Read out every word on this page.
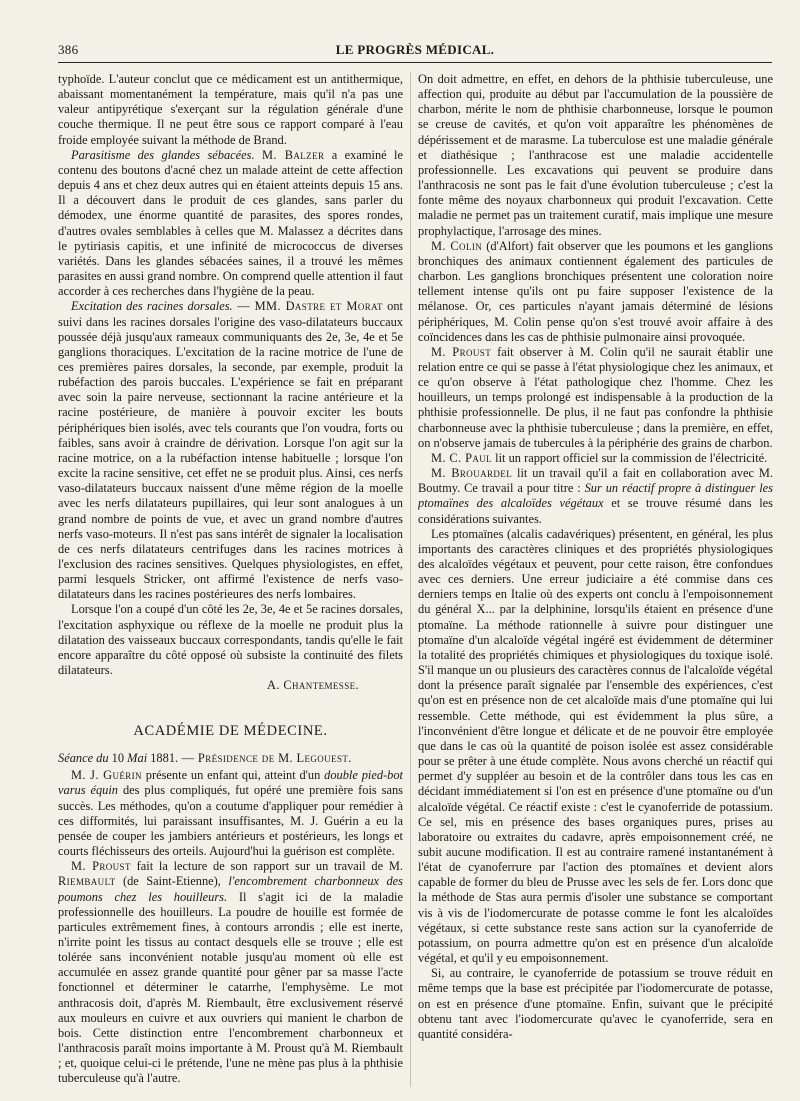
386	LE PROGRÈS MÉDICAL.

typhoïde. L'auteur conclut que ce médicament est un antithermique, abaissant momentanément la température, mais qu'il n'a pas une valeur antipyrétique s'exerçant sur la régulation générale d'une couche thermique. Il ne peut être sous ce rapport comparé à l'eau froide employée suivant la méthode de Brand.

Parasitisme des glandes sébacées. M. Balzer a examiné le contenu des boutons d'acné chez un malade atteint de cette affection depuis 4 ans et chez deux autres qui en étaient atteints depuis 15 ans. Il a découvert dans le produit de ces glandes, sans parler du démodex, une énorme quantité de parasites, des spores rondes, d'autres ovales semblables à celles que M. Malassez a décrites dans le pytiriasis capitis, et une infinité de micrococcus de diverses variétés. Dans les glandes sébacées saines, il a trouvé les mêmes parasites en aussi grand nombre. On comprend quelle attention il faut accorder à ces recherches dans l'hygiène de la peau.

Excitation des racines dorsales. — MM. Dastre et Morat ont suivi dans les racines dorsales l'origine des vaso-dilatateurs buccaux poussée déjà jusqu'aux rameaux communiquants des 2e, 3e, 4e et 5e ganglions thoraciques. L'excitation de la racine motrice de l'une de ces premières paires dorsales, la seconde, par exemple, produit la rubéfaction des parois buccales. L'expérience se fait en préparant avec soin la paire nerveuse, sectionnant la racine antérieure et la racine postérieure, de manière à pouvoir exciter les bouts périphériques bien isolés, avec tels courants que l'on voudra, forts ou faibles, sans avoir à craindre de dérivation. Lorsque l'on agit sur la racine motrice, on a la rubéfaction intense habituelle ; lorsque l'on excite la racine sensitive, cet effet ne se produit plus. Ainsi, ces nerfs vaso-dilatateurs buccaux naissent d'une même région de la moelle avec les nerfs dilatateurs pupillaires, qui leur sont analogues à un grand nombre de points de vue, et avec un grand nombre d'autres nerfs vaso-moteurs. Il n'est pas sans intérêt de signaler la localisation de ces nerfs dilatateurs centrifuges dans les racines motrices à l'exclusion des racines sensitives. Quelques physiologistes, en effet, parmi lesquels Stricker, ont affirmé l'existence de nerfs vaso-dilatateurs dans les racines postérieures des nerfs lombaires.

Lorsque l'on a coupé d'un côté les 2e, 3e, 4e et 5e racines dorsales, l'excitation asphyxique ou réflexe de la moelle ne produit plus la dilatation des vaisseaux buccaux correspondants, tandis qu'elle le fait encore apparaître du côté opposé où subsiste la continuité des filets dilatateurs.

A. Chantemesse.

ACADÉMIE DE MÉDECINE.

Séance du 10 Mai 1881. — Présidence de M. Legouest.

M. J. Guérin présente un enfant qui, atteint d'un double pied-bot varus équin des plus compliqués, fut opéré une première fois sans succès. Les méthodes, qu'on a coutume d'appliquer pour remédier à ces difformités, lui paraissant insuffisantes, M. J. Guérin a eu la pensée de couper les jambiers antérieurs et postérieurs, les longs et courts fléchisseurs des orteils. Aujourd'hui la guérison est complète.

M. Proust fait la lecture de son rapport sur un travail de M. Riembault (de Saint-Etienne), l'encombrement charbonneux des poumons chez les houilleurs. Il s'agit ici de la maladie professionnelle des houilleurs. La poudre de houille est formée de particules extrêmement fines, à contours arrondis ; elle est inerte, n'irrite point les tissus au contact desquels elle se trouve ; elle est tolérée sans inconvénient notable jusqu'au moment où elle est accumulée en assez grande quantité pour gêner par sa masse l'acte fonctionnel et déterminer le catarrhe, l'emphysème. Le mot anthracosis doit, d'après M. Riembault, être exclusivement réservé aux mouleurs en cuivre et aux ouvriers qui manient le charbon de bois. Cette distinction entre l'encombrement charbonneux et l'anthracosis paraît moins importante à M. Proust qu'à M. Riembault ; et, quoique celui-ci le prétende, l'une ne mène pas plus à la phthisie tuberculeuse qu'à l'autre.

On doit admettre, en effet, en dehors de la phthisie tuberculeuse, une affection qui, produite au début par l'accumulation de la poussière de charbon, mérite le nom de phthisie charbonneuse, lorsque le poumon se creuse de cavités, et qu'on voit apparaître les phénomènes de dépérissement et de marasme. La tuberculose est une maladie générale et diathésique ; l'anthracose est une maladie accidentelle professionnelle. Les excavations qui peuvent se produire dans l'anthracosis ne sont pas le fait d'une évolution tuberculeuse ; c'est la fonte même des noyaux charbonneux qui produit l'excavation. Cette maladie ne permet pas un traitement curatif, mais implique une mesure prophylactique, l'arrosage des mines.

M. Colin (d'Alfort) fait observer que les poumons et les ganglions bronchiques des animaux contiennent également des particules de charbon. Les ganglions bronchiques présentent une coloration noire tellement intense qu'ils ont pu faire supposer l'existence de la mélanose. Or, ces particules n'ayant jamais déterminé de lésions périphériques, M. Colin pense qu'on s'est trouvé avoir affaire à des coïncidences dans les cas de phthisie pulmonaire ainsi provoquée.

M. Proust fait observer à M. Colin qu'il ne saurait établir une relation entre ce qui se passe à l'état physiologique chez les animaux, et ce qu'on observe à l'état pathologique chez l'homme. Chez les houilleurs, un temps prolongé est indispensable à la production de la phthisie professionnelle. De plus, il ne faut pas confondre la phthisie charbonneuse avec la phthisie tuberculeuse ; dans la première, en effet, on n'observe jamais de tubercules à la périphérie des grains de charbon.

M. C. Paul lit un rapport officiel sur la commission de l'électricité.

M. Brouardel lit un travail qu'il a fait en collaboration avec M. Boutmy. Ce travail a pour titre : Sur un réactif propre à distinguer les ptomaïnes des alcaloïdes végétaux et se trouve résumé dans les considérations suivantes.

Les ptomaïnes (alcalis cadavériques) présentent, en général, les plus importants des caractères cliniques et des propriétés physiologiques des alcaloïdes végétaux et peuvent, pour cette raison, être confondues avec ces derniers. Une erreur judiciaire a été commise dans ces derniers temps en Italie où des experts ont conclu à l'empoisonnement du général X... par la delphinine, lorsqu'ils étaient en présence d'une ptomaïne. La méthode rationnelle à suivre pour distinguer une ptomaïne d'un alcaloïde végétal ingéré est évidemment de déterminer la totalité des propriétés chimiques et physiologiques du toxique isolé. S'il manque un ou plusieurs des caractères connus de l'alcaloïde végétal dont la présence paraît signalée par l'ensemble des expériences, c'est qu'on est en présence non de cet alcaloïde mais d'une ptomaïne qui lui ressemble. Cette méthode, qui est évidemment la plus sûre, a l'inconvénient d'être longue et délicate et de ne pouvoir être employée que dans le cas où la quantité de poison isolée est assez considérable pour se prêter à une étude complète. Nous avons cherché un réactif qui permet d'y suppléer au besoin et de la contrôler dans tous les cas en décidant immédiatement si l'on est en présence d'une ptomaïne ou d'un alcaloïde végétal. Ce réactif existe : c'est le cyanoferride de potassium. Ce sel, mis en présence des bases organiques pures, prises au laboratoire ou extraites du cadavre, après empoisonnement créé, ne subit aucune modification. Il est au contraire ramené instantanément à l'état de cyanoferrure par l'action des ptomaïnes et devient alors capable de former du bleu de Prusse avec les sels de fer. Lors donc que la méthode de Stas aura permis d'isoler une substance se comportant vis à vis de l'iodomercurate de potasse comme le font les alcaloïdes végétaux, si cette substance reste sans action sur la cyanoferride de potassium, on pourra admettre qu'on est en présence d'un alcaloïde végétal, et qu'il y eu empoisonnement.

Si, au contraire, le cyanoferride de potassium se trouve réduit en même temps que la base est précipitée par l'iodomercurate de potasse, on est en présence d'une ptomaïne. Enfin, suivant que le précipité obtenu tant avec l'iodomercurate qu'avec le cyanoferride, sera en quantité considéra-
